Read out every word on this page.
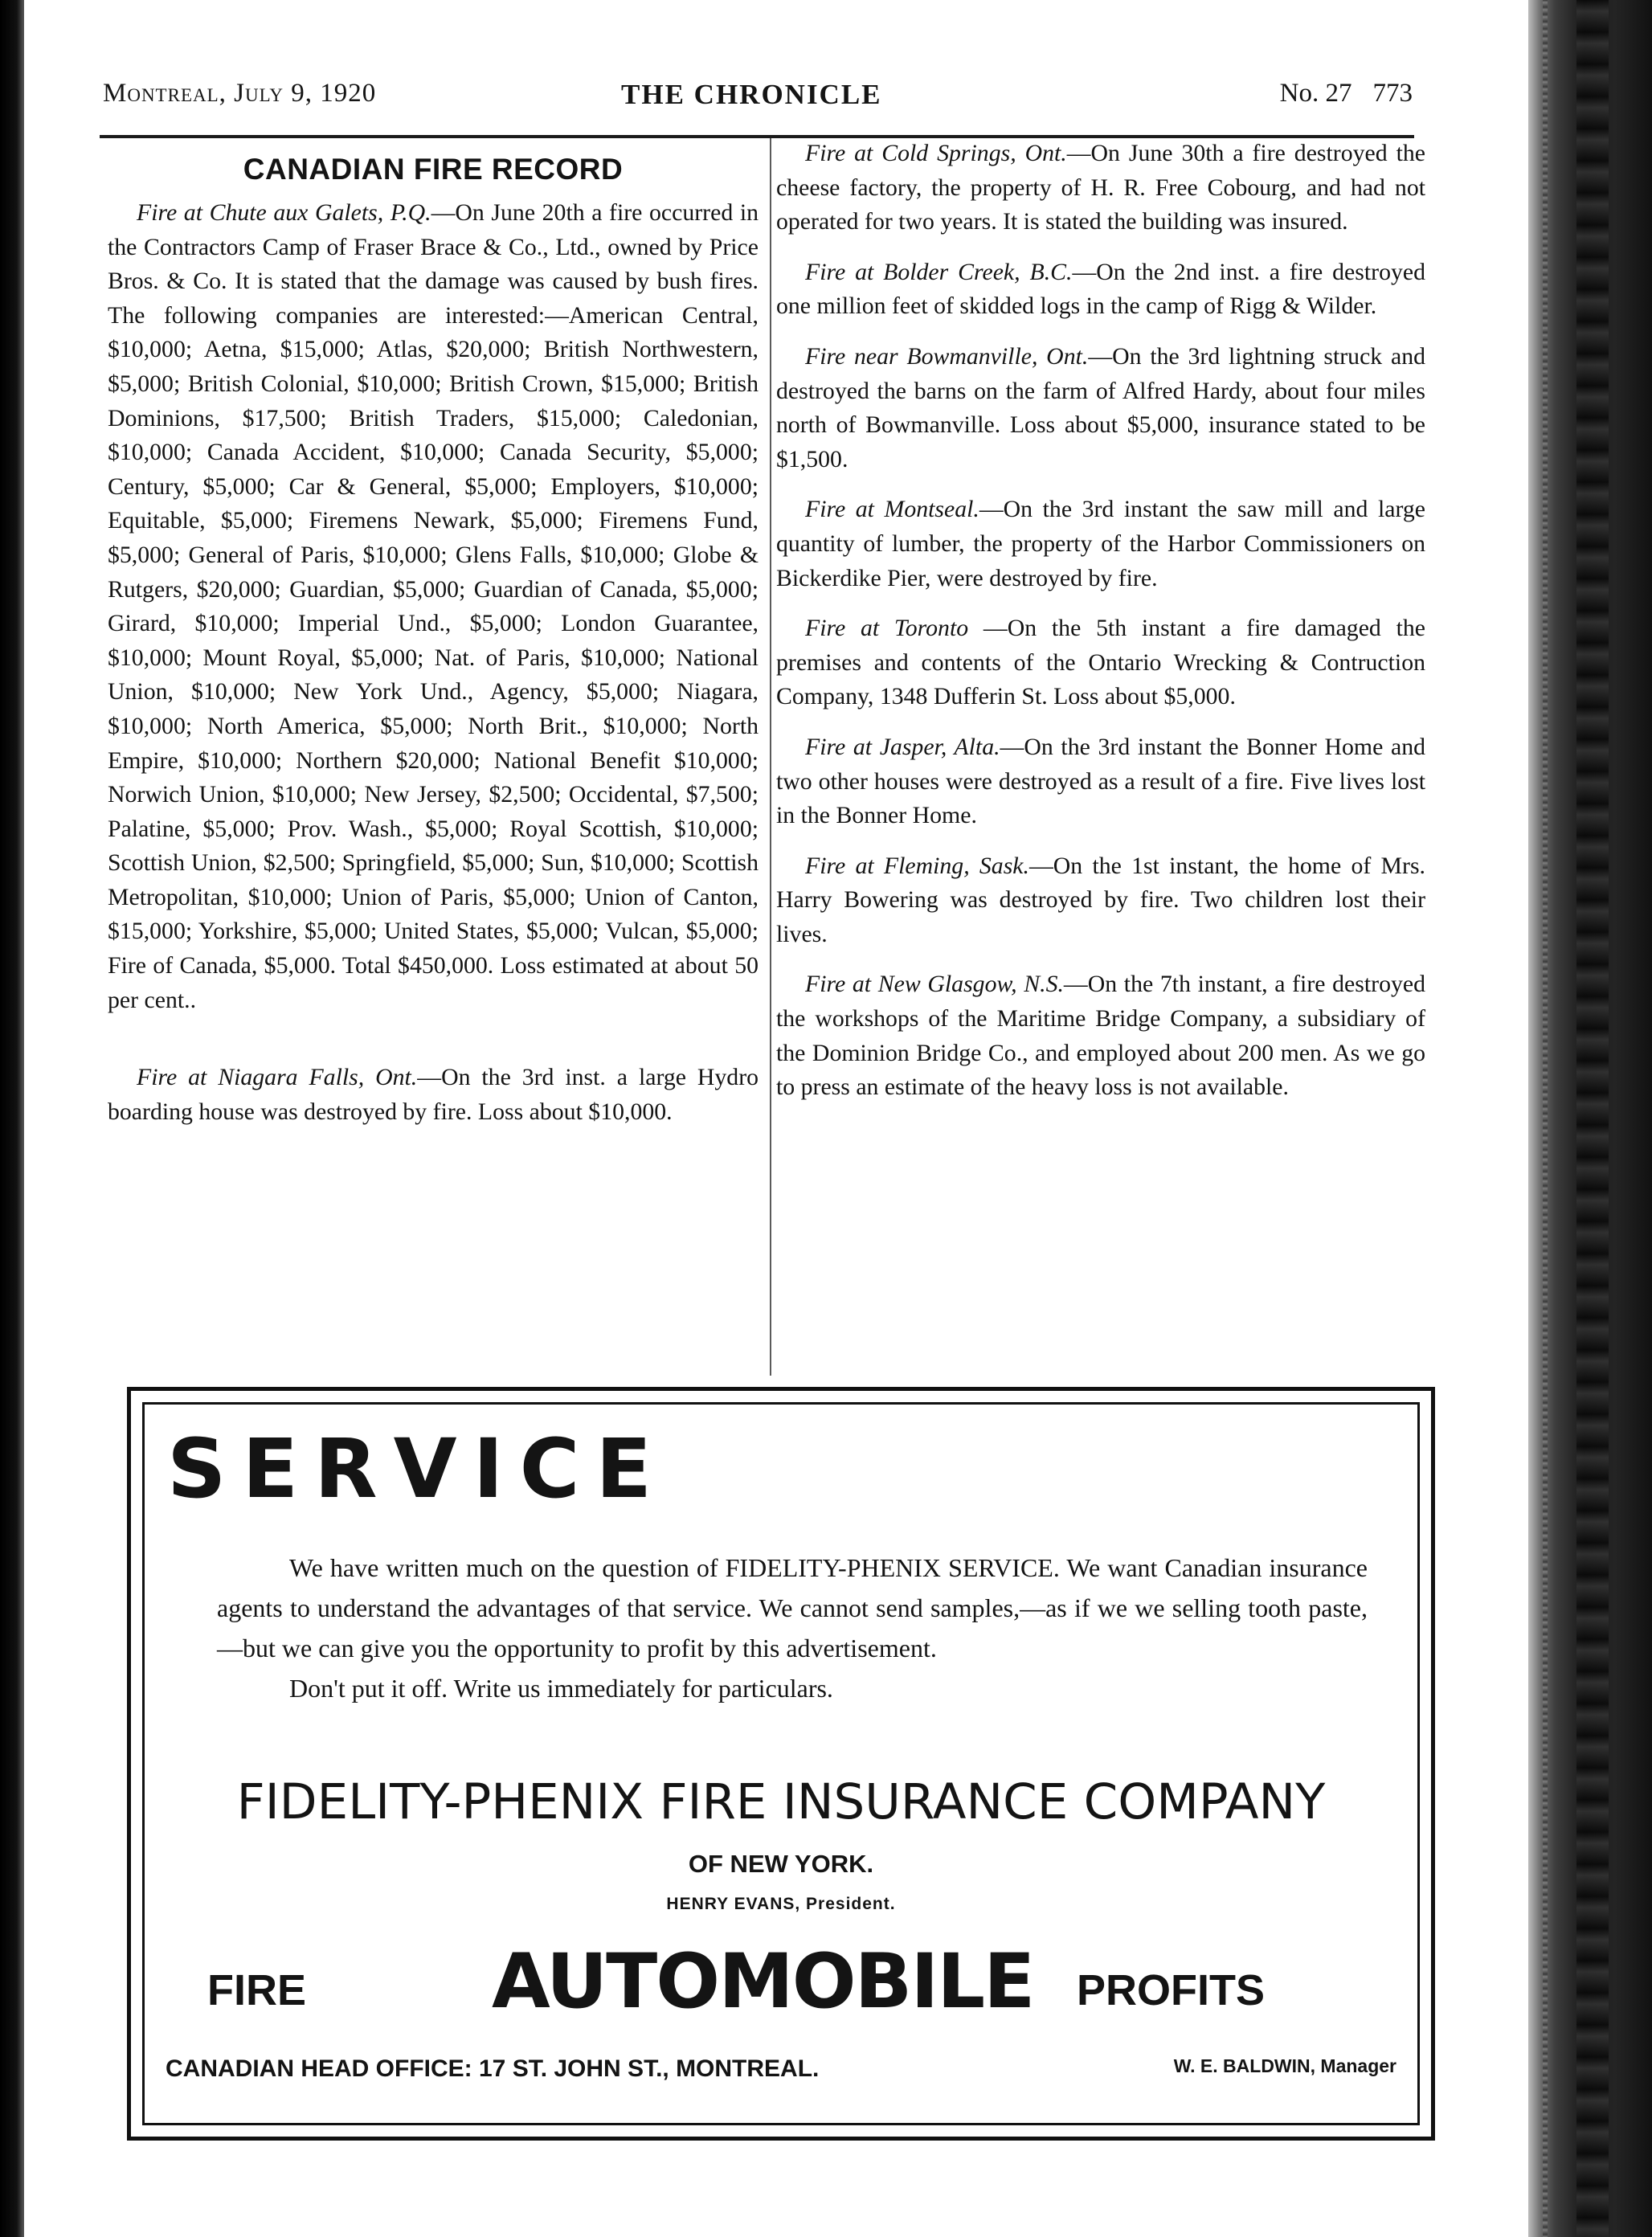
Montreal, July 9, 1920	THE CHRONICLE	No. 27 773
CANADIAN FIRE RECORD

Fire at Chute aux Galets, P.Q.—On June 20th a fire occurred in the Contractors Camp of Fraser Brace & Co., Ltd., owned by Price Bros. & Co. It is stated that the damage was caused by bush fires. The following companies are interested:—American Central, $10,000; Aetna, $15,000; Atlas, $20,000; British Northwestern, $5,000; British Colonial, $10,000; British Crown, $15,000; British Dominions, $17,500; British Traders, $15,000; Caledonian, $10,000; Canada Accident, $10,000; Canada Security, $5,000; Century, $5,000; Car & General, $5,000; Employers, $10,000; Equitable, $5,000; Firemens Newark, $5,000; Firemens Fund, $5,000; General of Paris, $10,000; Glens Falls, $10,000; Globe & Rutgers, $20,000; Guardian, $5,000; Guardian of Canada, $5,000; Girard, $10,000; Imperial Und., $5,000; London Guarantee, $10,000; Mount Royal, $5,000; Nat. of Paris, $10,000; National Union, $10,000; New York Und., Agency, $5,000; Niagara, $10,000; North America, $5,000; North Brit., $10,000; North Empire, $10,000; Northern $20,000; National Benefit $10,000; Norwich Union, $10,000; New Jersey, $2,500; Occidental, $7,500; Palatine, $5,000; Prov. Wash., $5,000; Royal Scottish, $10,000; Scottish Union, $2,500; Springfield, $5,000; Sun, $10,000; Scottish Metropolitan, $10,000; Union of Paris, $5,000; Union of Canton, $15,000; Yorkshire, $5,000; United States, $5,000; Vulcan, $5,000; Fire of Canada, $5,000. Total $450,000. Loss estimated at about 50 per cent..

Fire at Niagara Falls, Ont.—On the 3rd inst. a large Hydro boarding house was destroyed by fire. Loss about $10,000.

Fire at Cold Springs, Ont.—On June 30th a fire destroyed the cheese factory, the property of H. R. Free Cobourg, and had not operated for two years. It is stated the building was insured.

Fire at Bolder Creek, B.C.—On the 2nd inst. a fire destroyed one million feet of skidded logs in the camp of Rigg & Wilder.

Fire near Bowmanville, Ont.—On the 3rd lightning struck and destroyed the barns on the farm of Alfred Hardy, about four miles north of Bowmanville. Loss about $5,000, insurance stated to be $1,500.

Fire at Montseal.—On the 3rd instant the saw mill and large quantity of lumber, the property of the Harbor Commissioners on Bickerdike Pier, were destroyed by fire.

Fire at Toronto —On the 5th instant a fire damaged the premises and contents of the Ontario Wrecking & Contruction Company, 1348 Dufferin St. Loss about $5,000.

Fire at Jasper, Alta.—On the 3rd instant the Bonner Home and two other houses were destroyed as a result of a fire. Five lives lost in the Bonner Home.

Fire at Fleming, Sask.—On the 1st instant, the home of Mrs. Harry Bowering was destroyed by fire. Two children lost their lives.

Fire at New Glasgow, N.S.—On the 7th instant, a fire destroyed the workshops of the Maritime Bridge Company, a subsidiary of the Dominion Bridge Co., and employed about 200 men. As we go to press an estimate of the heavy loss is not available.

SERVICE

We have written much on the question of FIDELITY-PHENIX SERVICE. We want Canadian insurance agents to understand the advantages of that service. We cannot send samples,—as if we we selling tooth paste,—but we can give you the opportunity to profit by this advertisement.

Don't put it off. Write us immediately for particulars.

FIDELITY-PHENIX FIRE INSURANCE COMPANY
OF NEW YORK.
HENRY EVANS, President.
FIRE AUTOMOBILE PROFITS
CANADIAN HEAD OFFICE: 17 ST. JOHN ST., MONTREAL.	W. E. BALDWIN, Manager
